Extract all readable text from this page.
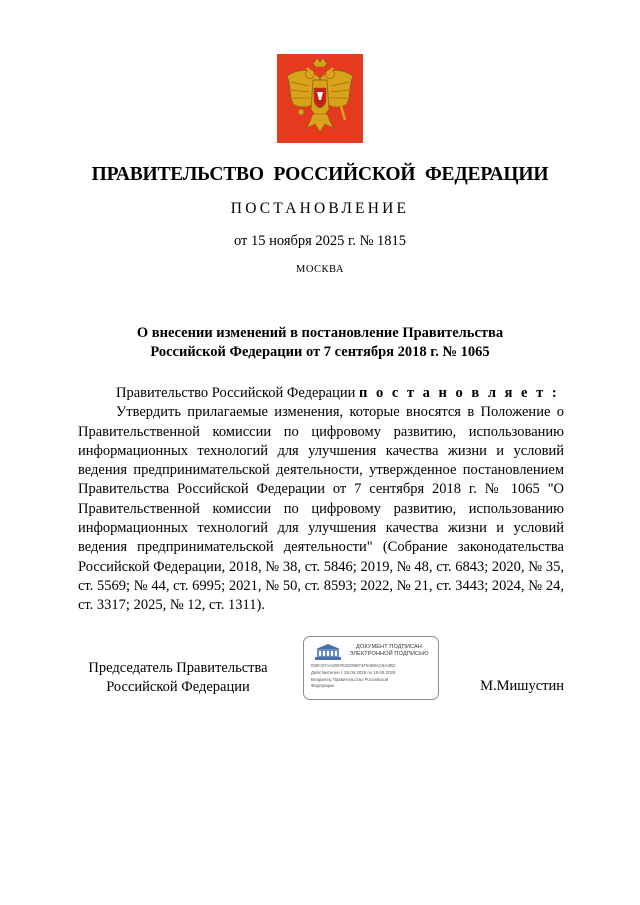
ПРАВИТЕЛЬСТВО РОССИЙСКОЙ ФЕДЕРАЦИИ
ПОСТАНОВЛЕНИЕ
от 15 ноября 2025 г. № 1815
МОСКВА
О внесении изменений в постановление Правительства
Российской Федерации от 7 сентября 2018 г. № 1065

Правительство Российской Федерации п о с т а н о в л я е т :

Утвердить прилагаемые изменения, которые вносятся в Положение о Правительственной комиссии по цифровому развитию, использованию информационных технологий для улучшения качества жизни и условий ведения предпринимательской деятельности, утвержденное постановлением Правительства Российской Федерации от 7 сентября 2018 г. № 1065 "О Правительственной комиссии по цифровому развитию, использованию информационных технологий для улучшения качества жизни и условий ведения предпринимательской деятельности" (Собрание законодательства Российской Федерации, 2018, № 38, ст. 5846; 2019, № 48, ст. 6843; 2020, № 35, ст. 5569; № 44, ст. 6995; 2021, № 50, ст. 8593; 2022, № 21, ст. 3443; 2024, № 24, ст. 3317; 2025, № 12, ст. 1311).

Председатель Правительства
Российской Федерации
ДОКУМЕНТ ПОДПИСАН
ЭЛЕКТРОННОЙ ПОДПИСЬЮ
008C87AA2097E2D00EF4F8489AC8A3BC
Действителен с 26.06.2025 по 19.09.2026
Владелец Правительство Российской
Федерации	М.Мишустин
